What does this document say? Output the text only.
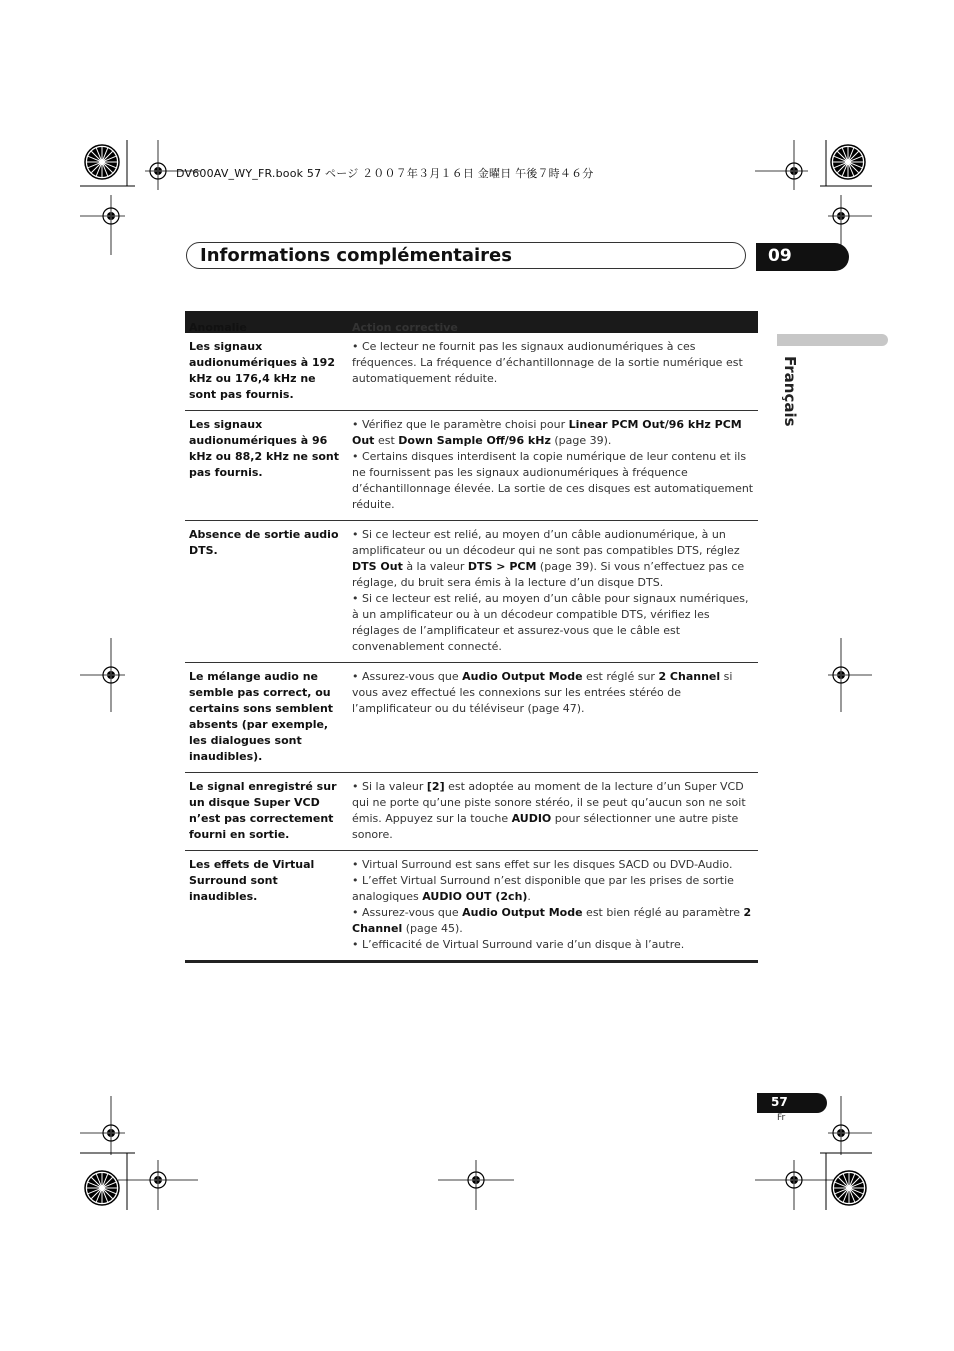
DV600AV_WY_FR.book 57 ページ ２００７年３月１６日 金曜日 午後７時４６分
Informations complémentaires	09
Français
Anomalie	Action corrective
Les signaux audionumériques à 192 kHz ou 176,4 kHz ne sont pas fournis.
• Ce lecteur ne fournit pas les signaux audionumériques à ces fréquences. La fréquence d’échantillonnage de la sortie numérique est automatiquement réduite.
Les signaux audionumériques à 96 kHz ou 88,2 kHz ne sont pas fournis.
• Vérifiez que le paramètre choisi pour Linear PCM Out/96 kHz PCM Out est Down Sample Off/96 kHz (page 39).
• Certains disques interdisent la copie numérique de leur contenu et ils ne fournissent pas les signaux audionumériques à fréquence d’échantillonnage élevée. La sortie de ces disques est automatiquement réduite.
Absence de sortie audio DTS.
• Si ce lecteur est relié, au moyen d’un câble audionumérique, à un amplificateur ou un décodeur qui ne sont pas compatibles DTS, réglez DTS Out à la valeur DTS > PCM (page 39). Si vous n’effectuez pas ce réglage, du bruit sera émis à la lecture d’un disque DTS.
• Si ce lecteur est relié, au moyen d’un câble pour signaux numériques, à un amplificateur ou à un décodeur compatible DTS, vérifiez les réglages de l’amplificateur et assurez-vous que le câble est convenablement connecté.
Le mélange audio ne semble pas correct, ou certains sons semblent absents (par exemple, les dialogues sont inaudibles).
• Assurez-vous que Audio Output Mode est réglé sur 2 Channel si vous avez effectué les connexions sur les entrées stéréo de l’amplificateur ou du téléviseur (page 47).
Le signal enregistré sur un disque Super VCD n’est pas correctement fourni en sortie.
• Si la valeur [2] est adoptée au moment de la lecture d’un Super VCD qui ne porte qu’une piste sonore stéréo, il se peut qu’aucun son ne soit émis. Appuyez sur la touche AUDIO pour sélectionner une autre piste sonore.
Les effets de Virtual Surround sont inaudibles.
• Virtual Surround est sans effet sur les disques SACD ou DVD-Audio.
• L’effet Virtual Surround n’est disponible que par les prises de sortie analogiques AUDIO OUT (2ch).
• Assurez-vous que Audio Output Mode est bien réglé au paramètre 2 Channel (page 45).
• L’efficacité de Virtual Surround varie d’un disque à l’autre.
57
Fr
